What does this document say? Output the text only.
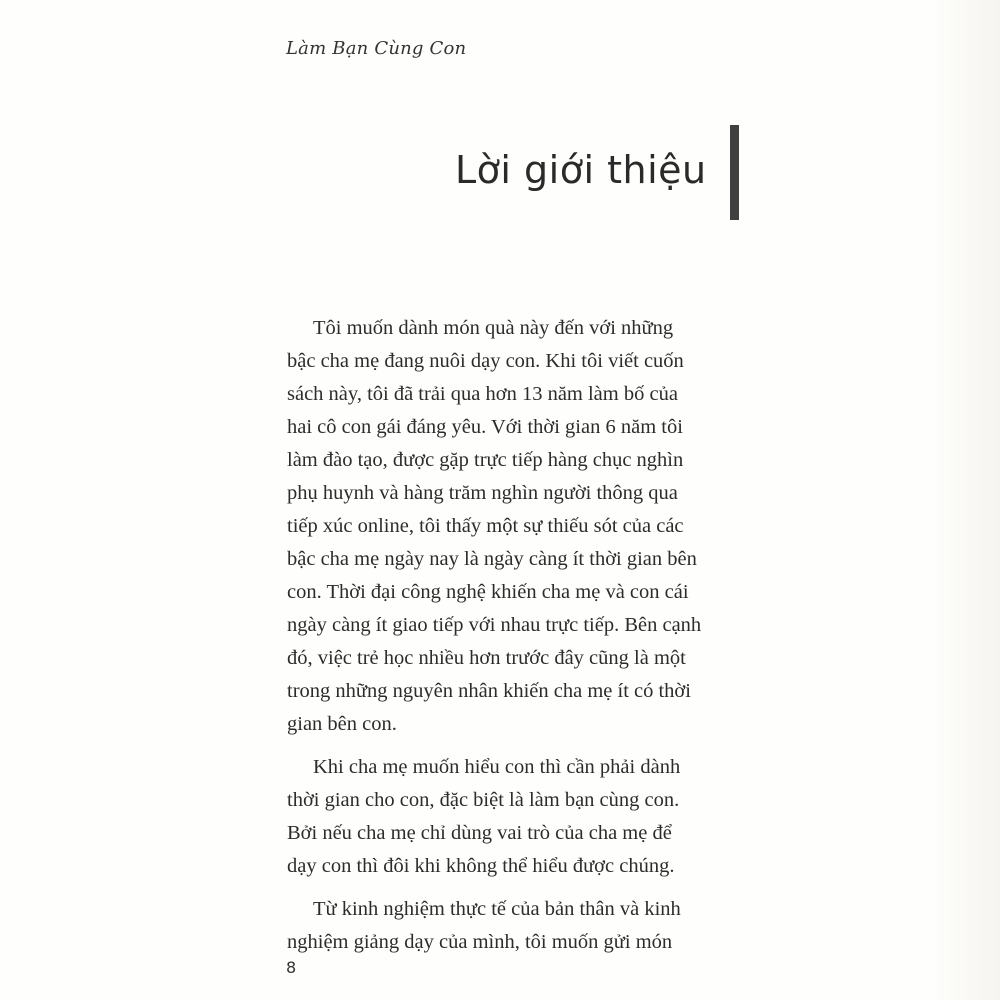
Làm Bạn Cùng Con
Lời giới thiệu

Tôi muốn dành món quà này đến với những
bậc cha mẹ đang nuôi dạy con. Khi tôi viết cuốn
sách này, tôi đã trải qua hơn 13 năm làm bố của
hai cô con gái đáng yêu. Với thời gian 6 năm tôi
làm đào tạo, được gặp trực tiếp hàng chục nghìn
phụ huynh và hàng trăm nghìn người thông qua
tiếp xúc online, tôi thấy một sự thiếu sót của các
bậc cha mẹ ngày nay là ngày càng ít thời gian bên
con. Thời đại công nghệ khiến cha mẹ và con cái
ngày càng ít giao tiếp với nhau trực tiếp. Bên cạnh
đó, việc trẻ học nhiều hơn trước đây cũng là một
trong những nguyên nhân khiến cha mẹ ít có thời
gian bên con.

Khi cha mẹ muốn hiểu con thì cần phải dành
thời gian cho con, đặc biệt là làm bạn cùng con.
Bởi nếu cha mẹ chỉ dùng vai trò của cha mẹ để
dạy con thì đôi khi không thể hiểu được chúng.

Từ kinh nghiệm thực tế của bản thân và kinh
nghiệm giảng dạy của mình, tôi muốn gửi món

8
